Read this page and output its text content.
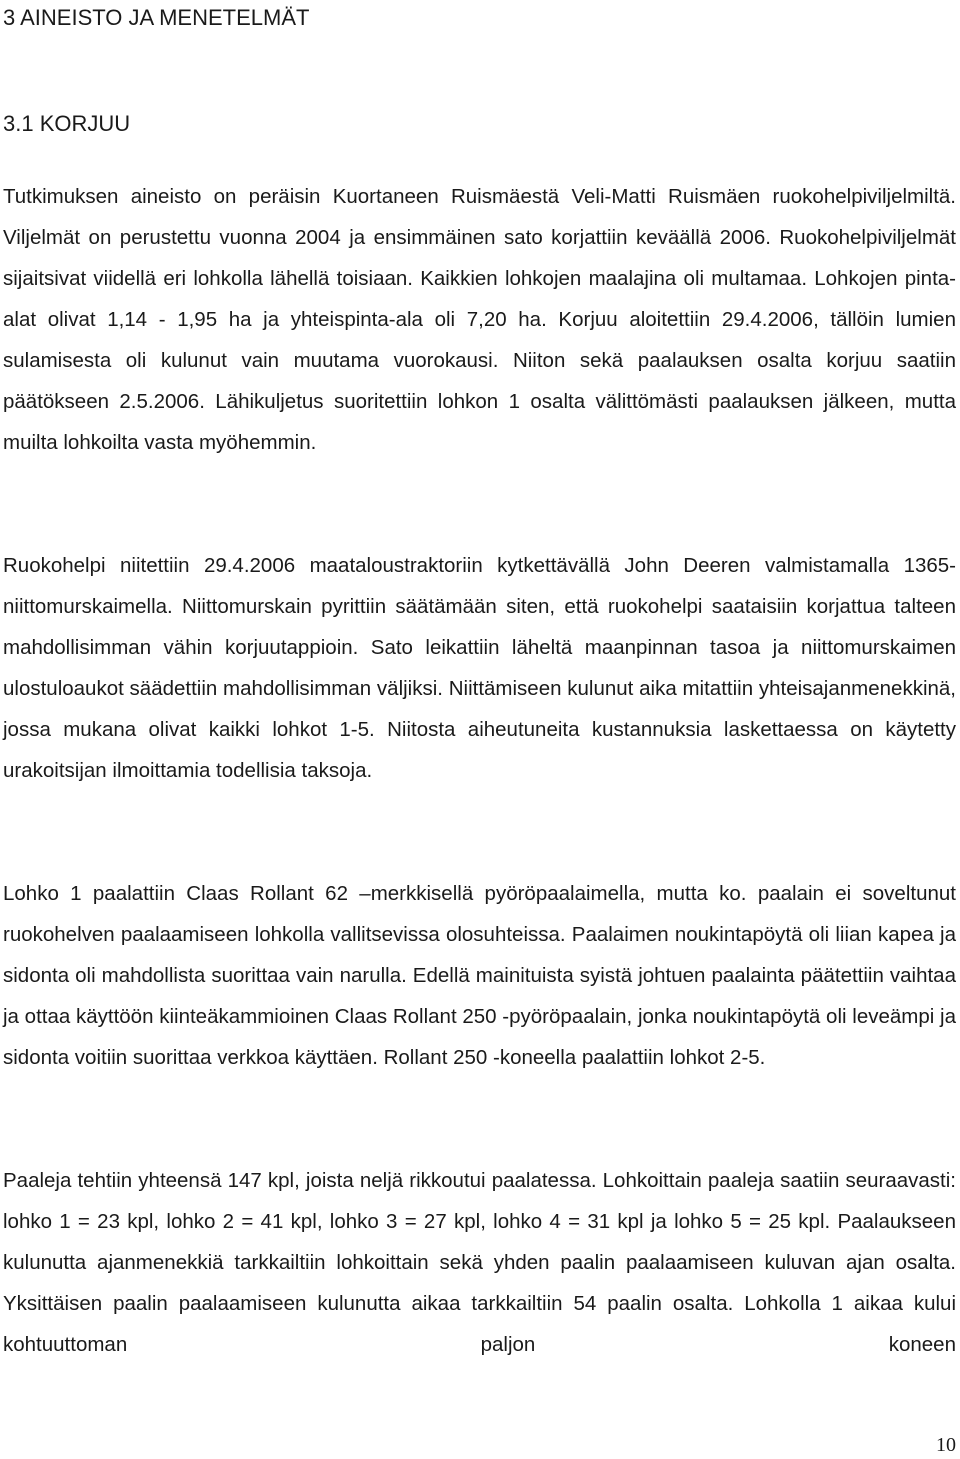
3 AINEISTO JA MENETELMÄT
3.1 KORJUU

Tutkimuksen aineisto on peräisin Kuortaneen Ruismäestä Veli-Matti Ruismäen ruokohelpiviljelmiltä. Viljelmät on perustettu vuonna 2004 ja ensimmäinen sato korjattiin keväällä 2006. Ruokohelpiviljelmät sijaitsivat viidellä eri lohkolla lähellä toisiaan. Kaikkien lohkojen maalajina oli multamaa. Lohkojen pinta-alat olivat 1,14 - 1,95 ha ja yhteispinta-ala oli 7,20 ha. Korjuu aloitettiin 29.4.2006, tällöin lumien sulamisesta oli kulunut vain muutama vuorokausi. Niiton sekä paalauksen osalta korjuu saatiin päätökseen 2.5.2006. Lähikuljetus suoritettiin lohkon 1 osalta välittömästi paalauksen jälkeen, mutta muilta lohkoilta vasta myöhemmin.

Ruokohelpi niitettiin 29.4.2006 maataloustraktoriin kytkettävällä John Deeren valmistamalla 1365-niittomurskaimella. Niittomurskain pyrittiin säätämään siten, että ruokohelpi saataisiin korjattua talteen mahdollisimman vähin korjuutappioin. Sato leikattiin läheltä maanpinnan tasoa ja niittomurskaimen ulostuloaukot säädettiin mahdollisimman väljiksi. Niittämiseen kulunut aika mitattiin yhteisajanmenekkinä, jossa mukana olivat kaikki lohkot 1-5. Niitosta aiheutuneita kustannuksia laskettaessa on käytetty urakoitsijan ilmoittamia todellisia taksoja.

Lohko 1 paalattiin Claas Rollant 62 –merkkisellä pyöröpaalaimella, mutta ko. paalain ei soveltunut ruokohelven paalaamiseen lohkolla vallitsevissa olosuhteissa. Paalaimen noukintapöytä oli liian kapea ja sidonta oli mahdollista suorittaa vain narulla. Edellä mainituista syistä johtuen paalainta päätettiin vaihtaa ja ottaa käyttöön kiinteäkammioinen Claas Rollant 250 -pyöröpaalain, jonka noukintapöytä oli leveämpi ja sidonta voitiin suorittaa verkkoa käyttäen. Rollant 250 -koneella paalattiin lohkot 2-5.

Paaleja tehtiin yhteensä 147 kpl, joista neljä rikkoutui paalatessa. Lohkoittain paaleja saatiin seuraavasti: lohko 1 = 23 kpl, lohko 2 = 41 kpl, lohko 3 = 27 kpl, lohko 4 = 31 kpl ja lohko 5 = 25 kpl. Paalaukseen kulunutta ajanmenekkiä tarkkailtiin lohkoittain sekä yhden paalin paalaamiseen kuluvan ajan osalta. Yksittäisen paalin paalaamiseen kulunutta aikaa tarkkailtiin 54 paalin osalta. Lohkolla 1 aikaa kului kohtuuttoman paljon koneen

10
